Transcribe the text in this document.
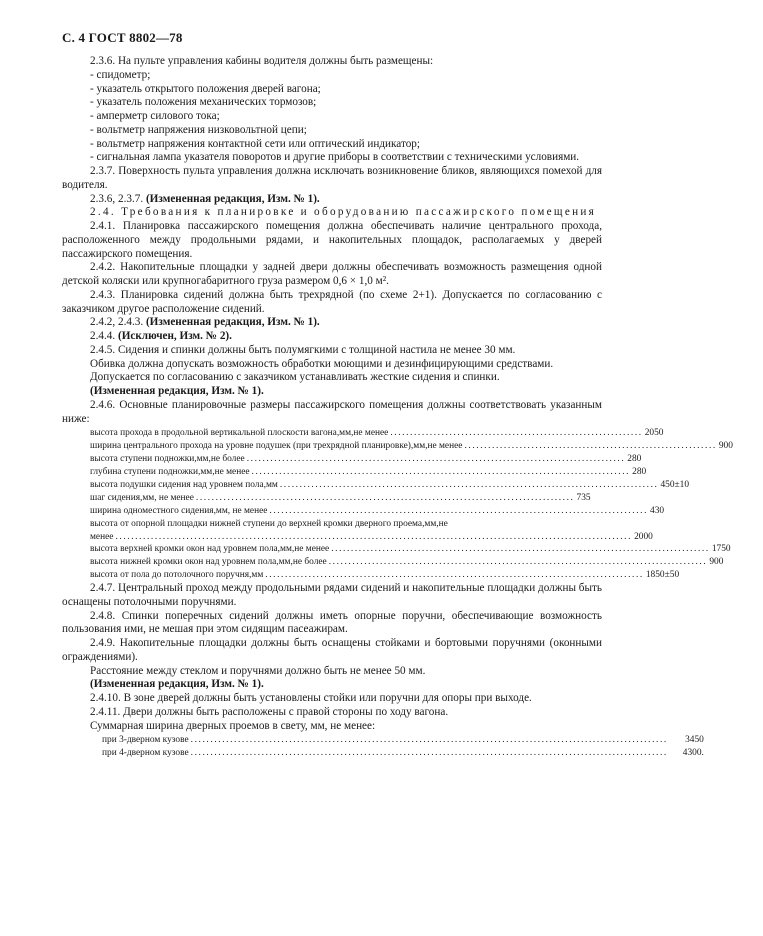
С. 4 ГОСТ 8802—78

2.3.6. На пульте управления кабины водителя должны быть размещены:

- спидометр;

- указатель открытого положения дверей вагона;

- указатель положения механических тормозов;

- амперметр силового тока;

- вольтметр напряжения низковольтной цепи;

- вольтметр напряжения контактной сети или оптический индикатор;

- сигнальная лампа указателя поворотов и другие приборы в соответствии с техническими условиями.

2.3.7. Поверхность пульта управления должна исключать возникновение бликов, являющихся помехой для водителя.

2.3.6, 2.3.7. (Измененная редакция, Изм. № 1).

2.4. Требования к планировке и оборудованию пассажирского помещения

2.4.1. Планировка пассажирского помещения должна обеспечивать наличие центрального прохода, расположенного между продольными рядами, и накопительных площадок, располагаемых у дверей пассажирского помещения.

2.4.2. Накопительные площадки у задней двери должны обеспечивать возможность размещения одной детской коляски или крупногабаритного груза размером 0,6 × 1,0 м².

2.4.3. Планировка сидений должна быть трехрядной (по схеме 2+1). Допускается по согласованию с заказчиком другое расположение сидений.

2.4.2, 2.4.3. (Измененная редакция, Изм. № 1).

2.4.4. (Исключен, Изм. № 2).

2.4.5. Сидения и спинки должны быть полумягкими с толщиной настила не менее 30 мм.

Обивка должна допускать возможность обработки моющими и дезинфицирующими средствами.

Допускается по согласованию с заказчиком устанавливать жесткие сидения и спинки.

(Измененная редакция, Изм. № 1).

2.4.6. Основные планировочные размеры пассажирского помещения должны соответствовать указанным ниже:

высота прохода в продольной вертикальной плоскости вагона,мм,не менее ................................................................ 2050
ширина центрального прохода на уровне подушек (при трехрядной планировке),мм,не менее ................................................................ 900
высота ступени подножки,мм,не более ................................................................................................ 280
глубина ступени подножки,мм,не менее ................................................................................................ 280
высота подушки сидения над уровнем пола,мм ................................................................................................ 450±10
шаг сидения,мм, не менее ................................................................................................ 735
ширина одноместного сидения,мм, не менее ................................................................................................ 430
высота от опорной площадки нижней ступени до верхней кромки дверного проема,мм,не
менее ................................................................................................................................... 2000
высота верхней кромки окон над уровнем пола,мм,не менее ................................................................................................ 1750
высота нижней кромки окон над уровнем пола,мм,не более ................................................................................................ 900
высота от пола до потолочного поручня,мм ................................................................................................ 1850±50

2.4.7. Центральный проход между продольными рядами сидений и накопительные площадки должны быть оснащены потолочными поручнями.

2.4.8. Спинки поперечных сидений должны иметь опорные поручни, обеспечивающие возможность пользования ими, не мешая при этом сидящим пасеажирам.

2.4.9. Накопительные площадки должны быть оснащены стойками и бортовыми поручнями (оконными ограждениями).

Расстояние между стеклом и поручнями должно быть не менее 50 мм.

(Измененная редакция, Изм. № 1).

2.4.10. В зоне дверей должны быть установлены стойки или поручни для опоры при выходе.

2.4.11. Двери должны быть расположены с правой стороны по ходу вагона.

Суммарная ширина дверных проемов в свету, мм, не менее:

при 3-дверном кузове .........................................................................................................................	3450
при 4-дверном кузове .........................................................................................................................	4300.
